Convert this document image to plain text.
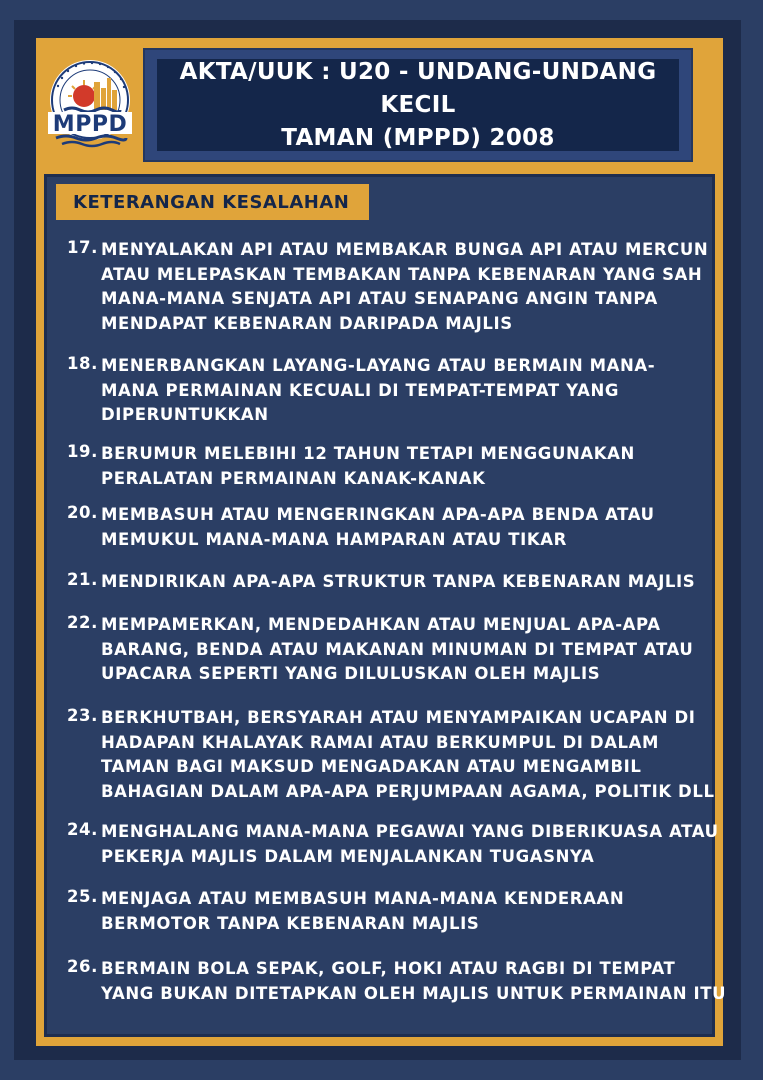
MPPD
AKTA/UUK : U20 - UNDANG-UNDANG KECIL
TAMAN (MPPD) 2008
KETERANGAN KESALAHAN
17. MENYALAKAN API ATAU MEMBAKAR BUNGA API ATAU MERCUN
ATAU MELEPASKAN TEMBAKAN TANPA KEBENARAN YANG SAH
MANA-MANA SENJATA API ATAU SENAPANG ANGIN TANPA
MENDAPAT KEBENARAN DARIPADA MAJLIS
18. MENERBANGKAN LAYANG-LAYANG ATAU BERMAIN MANA-
MANA PERMAINAN KECUALI DI TEMPAT-TEMPAT YANG
DIPERUNTUKKAN
19. BERUMUR MELEBIHI 12 TAHUN TETAPI MENGGUNAKAN
PERALATAN PERMAINAN KANAK-KANAK
20. MEMBASUH ATAU MENGERINGKAN APA-APA BENDA ATAU
MEMUKUL MANA-MANA HAMPARAN ATAU TIKAR
21. MENDIRIKAN APA-APA STRUKTUR TANPA KEBENARAN MAJLIS
22. MEMPAMERKAN, MENDEDAHKAN ATAU MENJUAL APA-APA
BARANG, BENDA ATAU MAKANAN MINUMAN DI TEMPAT ATAU
UPACARA SEPERTI YANG DILULUSKAN OLEH MAJLIS
23. BERKHUTBAH, BERSYARAH ATAU MENYAMPAIKAN UCAPAN DI
HADAPAN KHALAYAK RAMAI ATAU BERKUMPUL DI DALAM
TAMAN BAGI MAKSUD MENGADAKAN ATAU MENGAMBIL
BAHAGIAN DALAM APA-APA PERJUMPAAN AGAMA, POLITIK DLL
24. MENGHALANG MANA-MANA PEGAWAI YANG DIBERIKUASA ATAU
PEKERJA MAJLIS DALAM MENJALANKAN TUGASNYA
25. MENJAGA ATAU MEMBASUH MANA-MANA KENDERAAN
BERMOTOR TANPA KEBENARAN MAJLIS
26. BERMAIN BOLA SEPAK, GOLF, HOKI ATAU RAGBI DI TEMPAT
YANG BUKAN DITETAPKAN OLEH MAJLIS UNTUK PERMAINAN ITU
